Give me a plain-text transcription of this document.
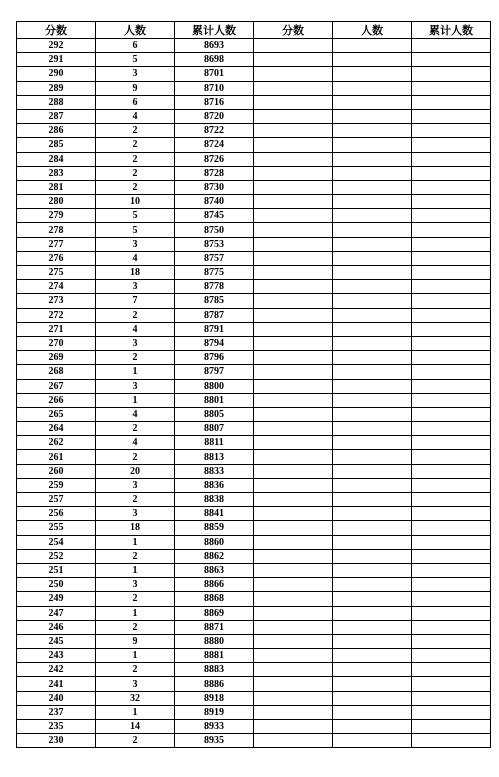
分数	人数	累计人数	分数	人数	累计人数
292	6	8693			
291	5	8698			
290	3	8701			
289	9	8710			
288	6	8716			
287	4	8720			
286	2	8722			
285	2	8724			
284	2	8726			
283	2	8728			
281	2	8730			
280	10	8740			
279	5	8745			
278	5	8750			
277	3	8753			
276	4	8757			
275	18	8775			
274	3	8778			
273	7	8785			
272	2	8787			
271	4	8791			
270	3	8794			
269	2	8796			
268	1	8797			
267	3	8800			
266	1	8801			
265	4	8805			
264	2	8807			
262	4	8811			
261	2	8813			
260	20	8833			
259	3	8836			
257	2	8838			
256	3	8841			
255	18	8859			
254	1	8860			
252	2	8862			
251	1	8863			
250	3	8866			
249	2	8868			
247	1	8869			
246	2	8871			
245	9	8880			
243	1	8881			
242	2	8883			
241	3	8886			
240	32	8918			
237	1	8919			
235	14	8933			
230	2	8935			
